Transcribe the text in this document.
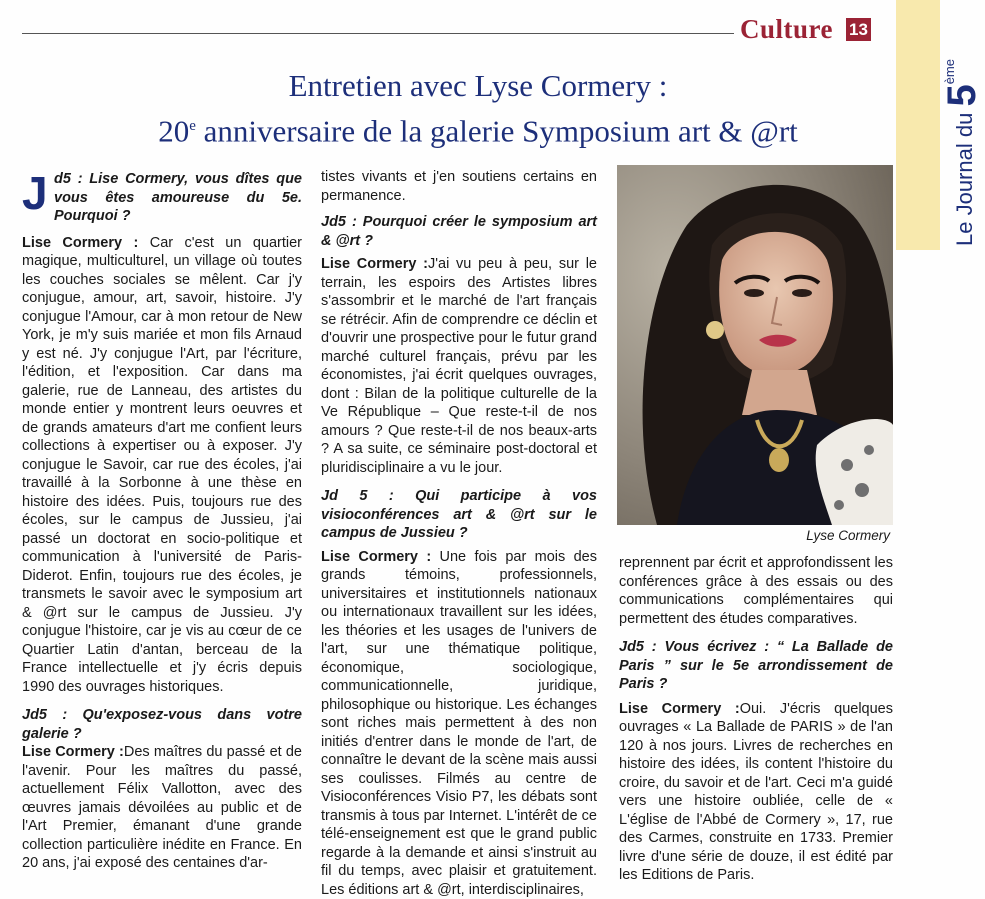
Culture 13
Le Journal du 5ème
Entretien avec Lyse Cormery :
20e anniversaire de la galerie Symposium art & @rt
J d5 : Lise Cormery, vous dîtes que vous êtes amoureuse du 5e. Pourquoi ?

Lise Cormery : Car c'est un quartier magique, multiculturel, un village où toutes les couches sociales se mêlent. Car j'y conjugue, amour, art, savoir, histoire. J'y conjugue l'Amour, car à mon retour de New York, je m'y suis mariée et mon fils Arnaud y est né. J'y conjugue l'Art, par l'écriture, l'édition, et l'exposition. Car dans ma galerie, rue de Lanneau, des artistes du monde entier y montrent leurs oeuvres et de grands amateurs d'art me confient leurs collections à expertiser ou à exposer. J'y conjugue le Savoir, car rue des écoles, j'ai travaillé à la Sorbonne à une thèse en histoire des idées. Puis, toujours rue des écoles, sur le campus de Jussieu, j'ai passé un doctorat en socio-politique et communication à l'université de Paris-Diderot. Enfin, toujours rue des écoles, je transmets le savoir avec le symposium art & @rt sur le campus de Jussieu. J'y conjugue l'histoire, car je vis au cœur de ce Quartier Latin d'antan, berceau de la France intellectuelle et j'y écris depuis 1990 des ouvrages historiques.

Jd5 : Qu'exposez-vous dans votre galerie ?

Lise Cormery :Des maîtres du passé et de l'avenir. Pour les maîtres du passé, actuellement Félix Vallotton, avec des œuvres jamais dévoilées au public et de l'Art Premier, émanant d'une grande collection particulière inédite en France. En 20 ans, j'ai exposé des centaines d'ar-

tistes vivants et j'en soutiens certains en permanence.

Jd5 : Pourquoi créer le symposium art & @rt ?

Lise Cormery :J'ai vu peu à peu, sur le terrain, les espoirs des Artistes libres s'assombrir et le marché de l'art français se rétrécir. Afin de comprendre ce déclin et d'ouvrir une prospective pour le futur grand marché culturel français, prévu par les économistes, j'ai écrit quelques ouvrages, dont : Bilan de la politique culturelle de la Ve République – Que reste-t-il de nos amours ? Que reste-t-il de nos beaux-arts ? A sa suite, ce séminaire post-doctoral et pluridisciplinaire a vu le jour.

Jd 5 : Qui participe à vos visioconférences art & @rt sur le campus de Jussieu ?

Lise Cormery : Une fois par mois des grands témoins, professionnels, universitaires et institutionnels nationaux ou internationaux travaillent sur les idées, les théories et les usages de l'univers de l'art, sur une thématique politique, économique, sociologique, communicationnelle, juridique, philosophique ou historique. Les échanges sont riches mais permettent à des non initiés d'entrer dans le monde de l'art, de connaître le devant de la scène mais aussi ses coulisses. Filmés au centre de Visioconférences Visio P7, les débats sont transmis à tous par Internet. L'intérêt de ce télé-enseignement est que le grand public regarde à la demande et ainsi s'instruit au fil du temps, avec plaisir et gratuitement. Les éditions art & @rt, interdisciplinaires,

Lyse Cormery

reprennent par écrit et approfondissent les conférences grâce à des essais ou des communications complémentaires qui permettent des études comparatives.

Jd5 : Vous écrivez : “ La Ballade de Paris ” sur le 5e arrondissement de Paris ?

Lise Cormery :Oui. J'écris quelques ouvrages « La Ballade de PARIS » de l'an 120 à nos jours. Livres de recherches en histoire des idées, ils content l'histoire du croire, du savoir et de l'art. Ceci m'a guidé vers une histoire oubliée, celle de « L'église de l'Abbé de Cormery », 17, rue des Carmes, construite en 1733. Premier livre d'une série de douze, il est édité par les Editions de Paris.
